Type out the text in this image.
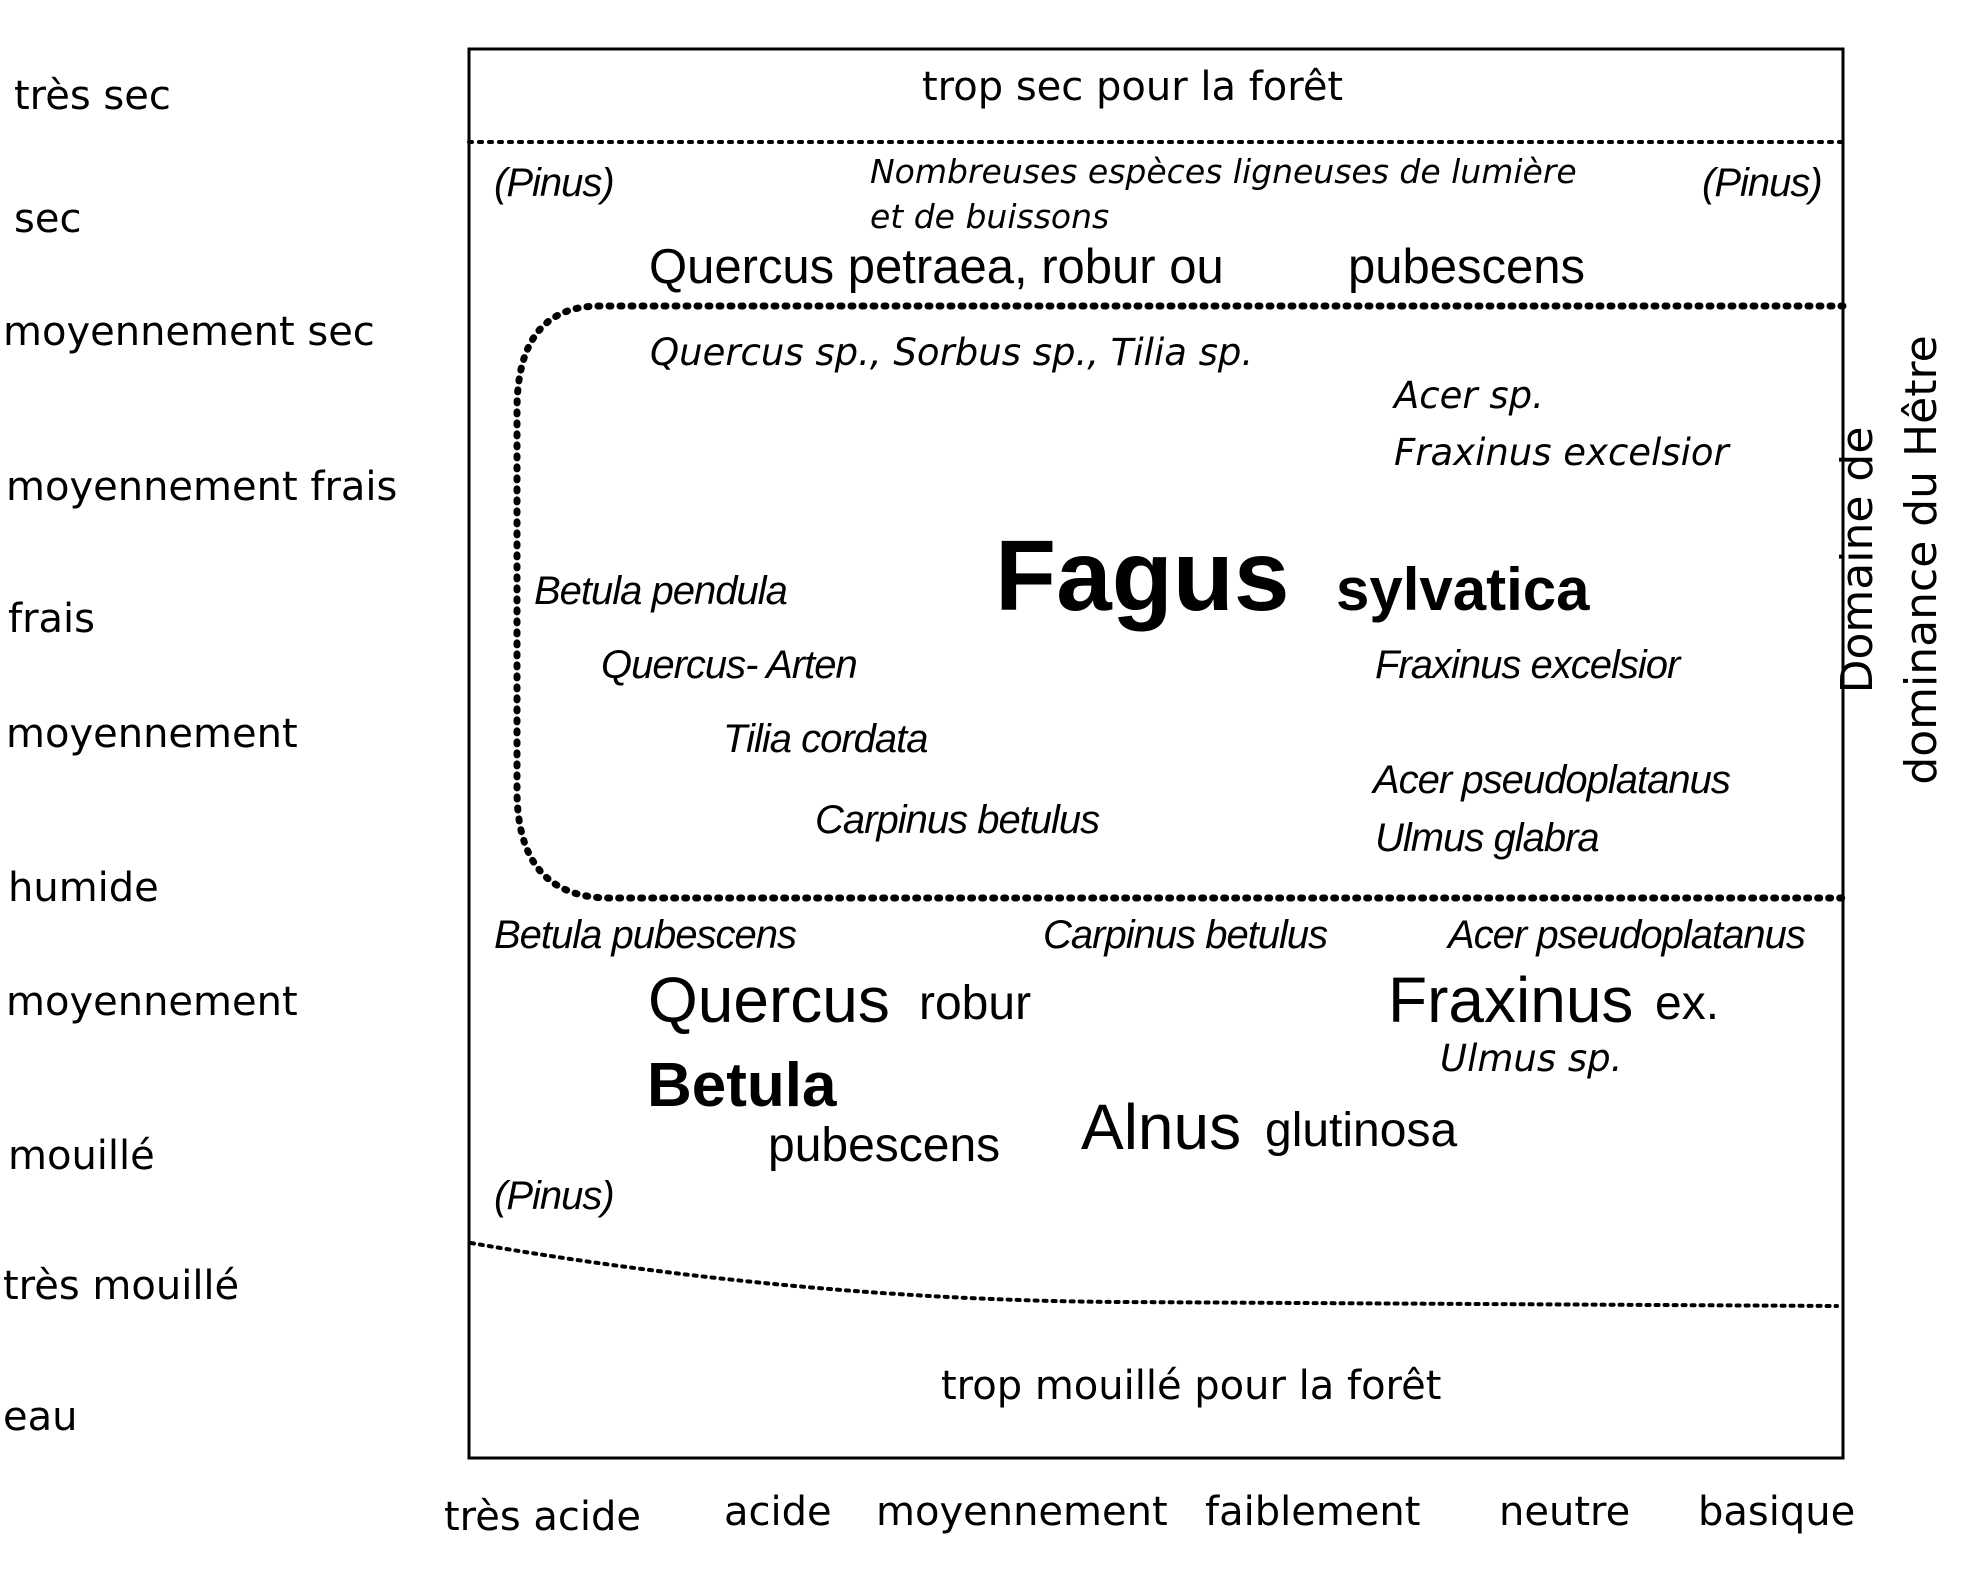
très sec
sec
moyennement sec
moyennement frais
frais
moyennement
humide
moyennement
mouillé
très mouillé
eau
très acide acide moyennement faiblement neutre basique
Domaine de dominance du Hêtre
trop sec pour la forêt
trop mouillé pour la forêt
(Pinus)	(Pinus)
Nombreuses espèces ligneuses de lumière
et de buissons
Quercus petraea, robur ou	pubescens
Quercus sp., Sorbus sp., Tilia sp.
Acer sp.
Fraxinus excelsior
Fagus sylvatica
Betula pendula
Quercus- Arten
Tilia cordata
Carpinus betulus
Fraxinus excelsior
Acer pseudoplatanus
Ulmus glabra
Betula pubescens	Carpinus betulus	Acer pseudoplatanus
Quercus robur	Fraxinus ex.
Ulmus sp.
Betula
pubescens Alnus glutinosa
(Pinus)
